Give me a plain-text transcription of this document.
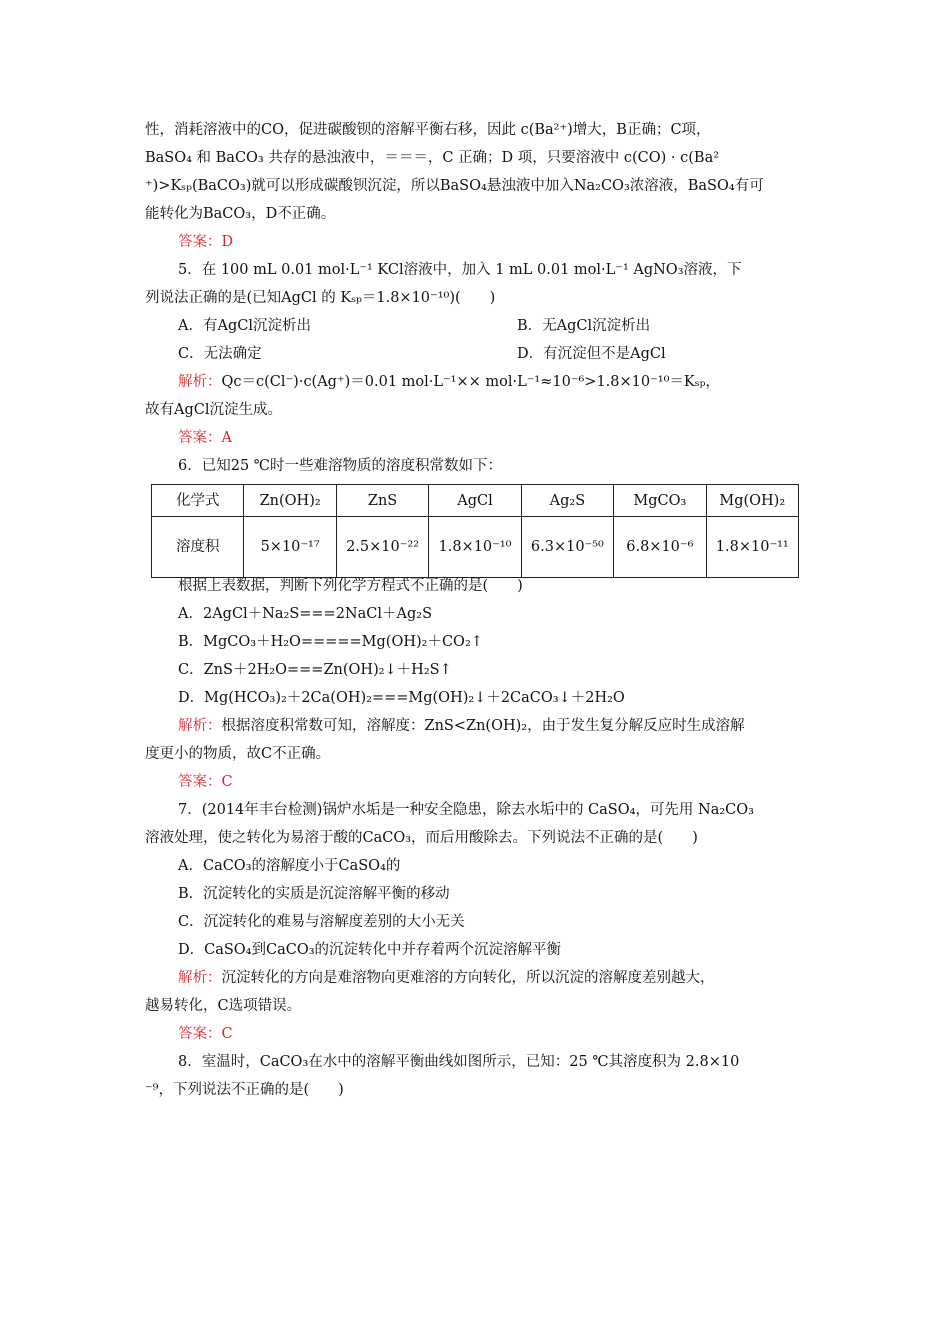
性，消耗溶液中的CO，促进碳酸钡的溶解平衡右移，因此 c(Ba²⁺)增大，B正确；C项，
BaSO₄ 和 BaCO₃ 共存的悬浊液中，＝＝＝，C 正确；D 项，只要溶液中 c(CO) · c(Ba²
⁺)>Kₛₚ(BaCO₃)就可以形成碳酸钡沉淀，所以BaSO₄悬浊液中加入Na₂CO₃浓溶液，BaSO₄有可
能转化为BaCO₃，D不正确。
答案：D
5．在 100 mL 0.01 mol·L⁻¹ KCl溶液中，加入 1 mL 0.01 mol·L⁻¹ AgNO₃溶液，下
列说法正确的是(已知AgCl 的 Kₛₚ＝1.8×10⁻¹⁰)(　　)
A．有AgCl沉淀析出	B．无AgCl沉淀析出
C．无法确定	D．有沉淀但不是AgCl
解析：Qc＝c(Cl⁻)·c(Ag⁺)＝0.01 mol·L⁻¹×× mol·L⁻¹≈10⁻⁶>1.8×10⁻¹⁰＝Kₛₚ，
故有AgCl沉淀生成。
答案：A
6．已知25 ℃时一些难溶物质的溶度积常数如下：
化学式	Zn(OH)₂	ZnS	AgCl	Ag₂S	MgCO₃	Mg(OH)₂
溶度积	5×10⁻¹⁷	2.5×10⁻²²	1.8×10⁻¹⁰	6.3×10⁻⁵⁰	6.8×10⁻⁶	1.8×10⁻¹¹
根据上表数据，判断下列化学方程式不正确的是(　　)
A．2AgCl＋Na₂S===2NaCl＋Ag₂S
B．MgCO₃＋H₂O=====Mg(OH)₂＋CO₂↑
C．ZnS＋2H₂O===Zn(OH)₂↓＋H₂S↑
D．Mg(HCO₃)₂＋2Ca(OH)₂===Mg(OH)₂↓＋2CaCO₃↓＋2H₂O
解析：根据溶度积常数可知，溶解度：ZnS<Zn(OH)₂，由于发生复分解反应时生成溶解
度更小的物质，故C不正确。
答案：C
7．(2014年丰台检测)锅炉水垢是一种安全隐患，除去水垢中的 CaSO₄，可先用 Na₂CO₃
溶液处理，使之转化为易溶于酸的CaCO₃，而后用酸除去。下列说法不正确的是(　　)
A．CaCO₃的溶解度小于CaSO₄的
B．沉淀转化的实质是沉淀溶解平衡的移动
C．沉淀转化的难易与溶解度差别的大小无关
D．CaSO₄到CaCO₃的沉淀转化中并存着两个沉淀溶解平衡
解析：沉淀转化的方向是难溶物向更难溶的方向转化，所以沉淀的溶解度差别越大，
越易转化，C选项错误。
答案：C
8．室温时，CaCO₃在水中的溶解平衡曲线如图所示，已知：25 ℃其溶度积为 2.8×10
⁻⁹，下列说法不正确的是(　　)
